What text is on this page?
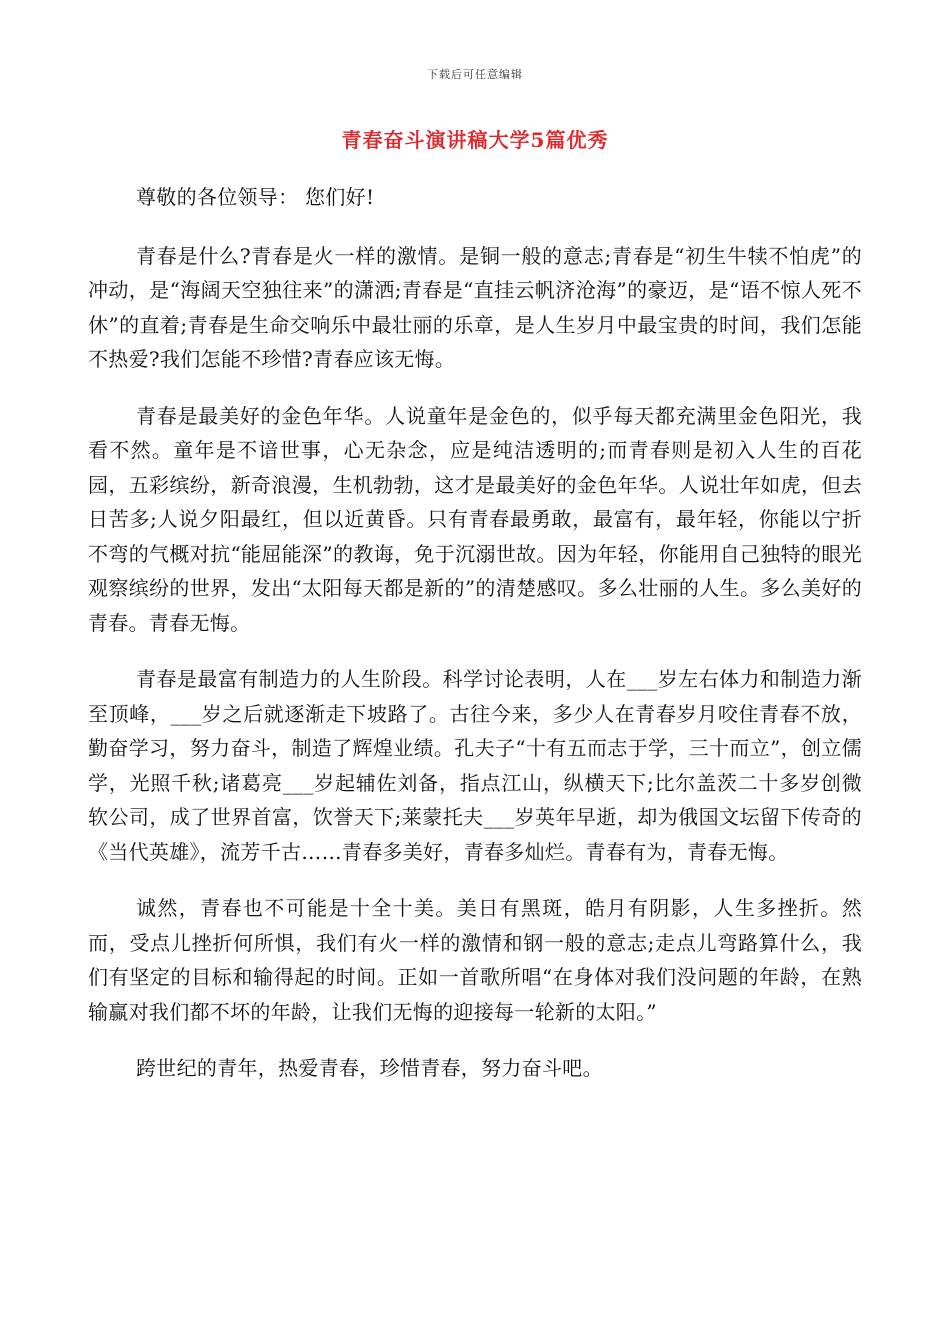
下载后可任意编辑
青春奋斗演讲稿大学5篇优秀

尊敬的各位领导： 您们好!

青春是什么?青春是火一样的激情。是铜一般的意志;青春是“初生牛犊不怕虎”的冲动，是“海阔天空独往来”的潇洒;青春是“直挂云帆济沧海”的豪迈，是“语不惊人死不休”的直着;青春是生命交响乐中最壮丽的乐章，是人生岁月中最宝贵的时间，我们怎能不热爱?我们怎能不珍惜?青春应该无悔。

青春是最美好的金色年华。人说童年是金色的，似乎每天都充满里金色阳光，我看不然。童年是不谙世事，心无杂念，应是纯洁透明的;而青春则是初入人生的百花园，五彩缤纷，新奇浪漫，生机勃勃，这才是最美好的金色年华。人说壮年如虎，但去日苦多;人说夕阳最红，但以近黄昏。只有青春最勇敢，最富有，最年轻，你能以宁折不弯的气概对抗“能屈能深”的教诲，免于沉溺世故。因为年轻，你能用自己独特的眼光观察缤纷的世界，发出“太阳每天都是新的”的清楚感叹。多么壮丽的人生。多么美好的青春。青春无悔。

青春是最富有制造力的人生阶段。科学讨论表明，人在___岁左右体力和制造力渐至顶峰，___岁之后就逐渐走下坡路了。古往今来，多少人在青春岁月咬住青春不放，勤奋学习，努力奋斗，制造了辉煌业绩。孔夫子“十有五而志于学，三十而立”，创立儒学，光照千秋;诸葛亮___岁起辅佐刘备，指点江山，纵横天下;比尔盖茨二十多岁创微软公司，成了世界首富，饮誉天下;莱蒙托夫___岁英年早逝，却为俄国文坛留下传奇的《当代英雄》，流芳千古……青春多美好，青春多灿烂。青春有为，青春无悔。

诚然，青春也不可能是十全十美。美日有黑斑，皓月有阴影，人生多挫折。然而，受点儿挫折何所惧，我们有火一样的激情和钢一般的意志;走点儿弯路算什么，我们有坚定的目标和输得起的时间。正如一首歌所唱“在身体对我们没问题的年龄，在熟输赢对我们都不坏的年龄，让我们无悔的迎接每一轮新的太阳。”

跨世纪的青年，热爱青春，珍惜青春，努力奋斗吧。
